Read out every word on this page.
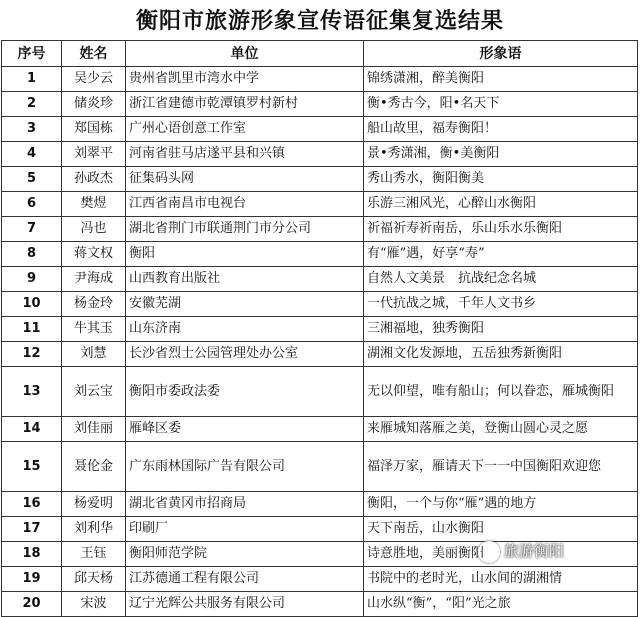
衡阳市旅游形象宣传语征集复选结果
序号	姓名	单位	形象语
1	吴少云	贵州省凯里市湾水中学	锦绣潇湘，醉美衡阳
2	储炎珍	浙江省建德市乾潭镇罗村新村	衡•秀古今，阳•名天下
3	郑国栋	广州心语创意工作室	船山故里，福寿衡阳！
4	刘翠平	河南省驻马店遂平县和兴镇	景•秀潇湘，衡•美衡阳
5	孙政杰	征集码头网	秀山秀水，衡阳衡美
6	樊煜	江西省南昌市电视台	乐游三湘风光，心醉山水衡阳
7	冯也	湖北省荆门市联通荆门市分公司	祈福祈寿祈南岳，乐山乐水乐衡阳
8	蒋文权	衡阳	有“雁”遇，好享“寿”
9	尹海成	山西教育出版社	自然人文美景　抗战纪念名城
10	杨金玲	安徽芜湖	一代抗战之城，千年人文书乡
11	牛其玉	山东济南	三湘福地，独秀衡阳
12	刘慧	长沙省烈士公园管理处办公室	湖湘文化发源地，五岳独秀新衡阳
13	刘云宝	衡阳市委政法委	无以仰望，唯有船山；何以眷恋，雁城衡阳
14	刘佳丽	雁峰区委	来雁城知落雁之美，登衡山圆心灵之愿
15	聂伦金	广东雨林国际广告有限公司	福泽万家，雁请天下一一中国衡阳欢迎您
16	杨爱明	湖北省黄冈市招商局	衡阳，一个与你“雁”遇的地方
17	刘利华	印刷厂	天下南岳，山水衡阳
18	王钰	衡阳师范学院	诗意胜地，美丽衡阳
19	邱天杨	江苏德通工程有限公司	书院中的老时光，山水间的湖湘情
20	宋波	辽宁光辉公共服务有限公司	山水纵“衡”，“阳”光之旅
旅游衡阳
